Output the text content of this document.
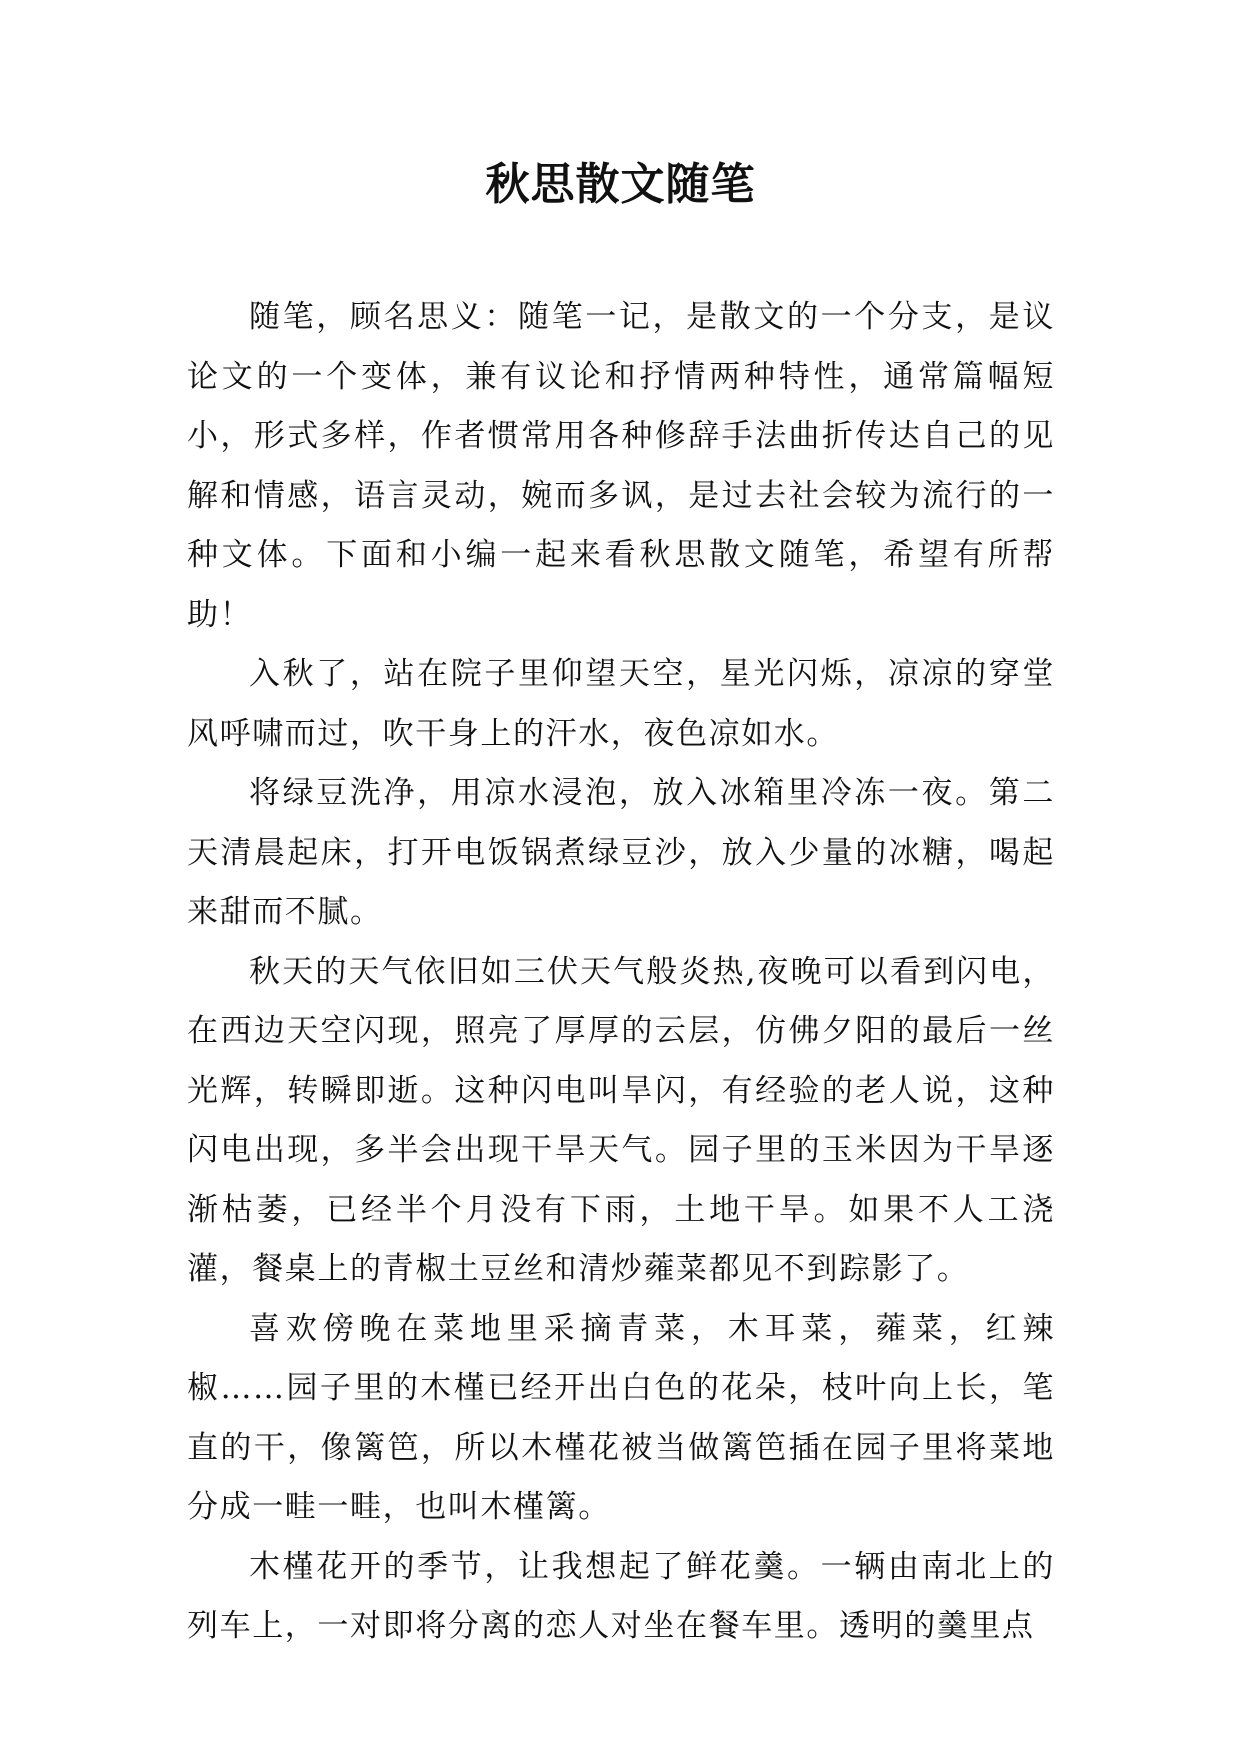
秋思散文随笔

随笔，顾名思义：随笔一记，是散文的一个分支，是议论文的一个变体，兼有议论和抒情两种特性，通常篇幅短小，形式多样，作者惯常用各种修辞手法曲折传达自己的见解和情感，语言灵动，婉而多讽，是过去社会较为流行的一种文体。下面和小编一起来看秋思散文随笔，希望有所帮助！

入秋了，站在院子里仰望天空，星光闪烁，凉凉的穿堂风呼啸而过，吹干身上的汗水，夜色凉如水。

将绿豆洗净，用凉水浸泡，放入冰箱里冷冻一夜。第二天清晨起床，打开电饭锅煮绿豆沙，放入少量的冰糖，喝起来甜而不腻。

秋天的天气依旧如三伏天气般炎热,夜晚可以看到闪电，在西边天空闪现，照亮了厚厚的云层，仿佛夕阳的最后一丝光辉，转瞬即逝。这种闪电叫旱闪，有经验的老人说，这种闪电出现，多半会出现干旱天气。园子里的玉米因为干旱逐渐枯萎，已经半个月没有下雨，土地干旱。如果不人工浇灌，餐桌上的青椒土豆丝和清炒蕹菜都见不到踪影了。

喜欢傍晚在菜地里采摘青菜，木耳菜，蕹菜，红辣椒……园子里的木槿已经开出白色的花朵，枝叶向上长，笔直的干，像篱笆，所以木槿花被当做篱笆插在园子里将菜地分成一畦一畦，也叫木槿篱。

木槿花开的季节，让我想起了鲜花羹。一辆由南北上的列车上，一对即将分离的恋人对坐在餐车里。透明的羹里点
